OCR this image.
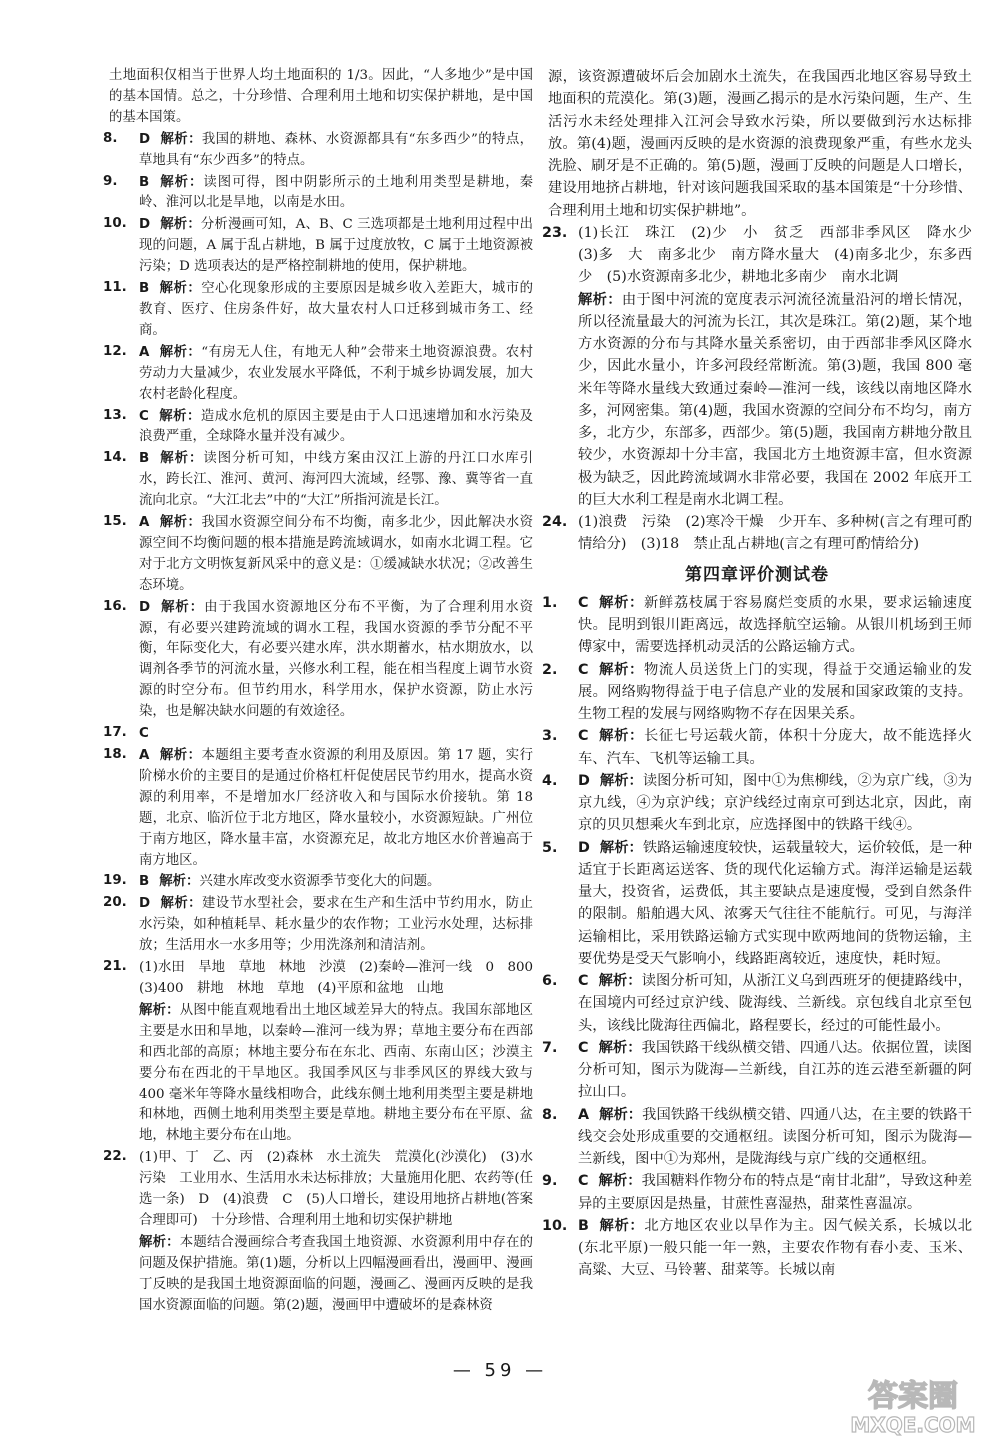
土地面积仅相当于世界人均土地面积的 1/3。因此，“人多地少”是中国的基本国情。总之，十分珍惜、合理利用土地和切实保护耕地，是中国的基本国策。

8. D 解析：我国的耕地、森林、水资源都具有“东多西少”的特点，草地具有“东少西多”的特点。

9. B 解析：读图可得，图中阴影所示的土地利用类型是耕地，秦岭、淮河以北是旱地，以南是水田。

10. D 解析：分析漫画可知，A、B、C 三选项都是土地利用过程中出现的问题，A 属于乱占耕地，B 属于过度放牧，C 属于土地资源被污染；D 选项表达的是严格控制耕地的使用，保护耕地。

11. B 解析：空心化现象形成的主要原因是城乡收入差距大，城市的教育、医疗、住房条件好，故大量农村人口迁移到城市务工、经商。

12. A 解析：“有房无人住，有地无人种”会带来土地资源浪费。农村劳动力大量减少，农业发展水平降低，不利于城乡协调发展，加大农村老龄化程度。

13. C 解析：造成水危机的原因主要是由于人口迅速增加和水污染及浪费严重，全球降水量并没有减少。

14. B 解析：读图分析可知，中线方案由汉江上游的丹江口水库引水，跨长江、淮河、黄河、海河四大流域，经鄂、豫、冀等省一直流向北京。“大江北去”中的“大江”所指河流是长江。

15. A 解析：我国水资源空间分布不均衡，南多北少，因此解决水资源空间不均衡问题的根本措施是跨流域调水，如南水北调工程。它对于北方文明恢复新风采中的意义是：①缓减缺水状况；②改善生态环境。

16. D 解析：由于我国水资源地区分布不平衡，为了合理利用水资源，有必要兴建跨流域的调水工程，我国水资源的季节分配不平衡，年际变化大，有必要兴建水库，洪水期蓄水，枯水期放水，以调剂各季节的河流水量，兴修水利工程，能在相当程度上调节水资源的时空分布。但节约用水，科学用水，保护水资源，防止水污染，也是解决缺水问题的有效途径。

17. C

18. A 解析：本题组主要考查水资源的利用及原因。第 17 题，实行阶梯水价的主要目的是通过价格杠杆促使居民节约用水，提高水资源的利用率，不是增加水厂经济收入和与国际水价接轨。第 18 题，北京、临沂位于北方地区，降水量较小，水资源短缺。广州位于南方地区，降水量丰富，水资源充足，故北方地区水价普遍高于南方地区。

19. B 解析：兴建水库改变水资源季节变化大的问题。

20. D 解析：建设节水型社会，要求在生产和生活中节约用水，防止水污染，如种植耗旱、耗水量少的农作物；工业污水处理，达标排放；生活用水一水多用等；少用洗涤剂和清洁剂。

21. (1)水田　旱地　草地　林地　沙漠　(2)秦岭—淮河一线　0　800　(3)400　耕地　林地　草地　(4)平原和盆地　山地

解析：从图中能直观地看出土地区域差异大的特点。我国东部地区主要是水田和旱地，以秦岭—淮河一线为界；草地主要分布在西部和西北部的高原；林地主要分布在东北、西南、东南山区；沙漠主要分布在西北的干旱地区。我国季风区与非季风区的界线大致与 400 毫米年等降水量线相吻合，此线东侧土地利用类型主要是耕地和林地，西侧土地利用类型主要是草地。耕地主要分布在平原、盆地，林地主要分布在山地。

22. (1)甲、丁　乙、丙　(2)森林　水土流失　荒漠化(沙漠化)　(3)水污染　工业用水、生活用水未达标排放；大量施用化肥、农药等(任选一条)　D　(4)浪费　C　(5)人口增长，建设用地挤占耕地(答案合理即可)　十分珍惜、合理利用土地和切实保护耕地

解析：本题结合漫画综合考查我国土地资源、水资源利用中存在的问题及保护措施。第(1)题，分析以上四幅漫画看出，漫画甲、漫画丁反映的是我国土地资源面临的问题，漫画乙、漫画丙反映的是我国水资源面临的问题。第(2)题，漫画甲中遭破坏的是森林资

源，该资源遭破坏后会加剧水土流失，在我国西北地区容易导致土地面积的荒漠化。第(3)题，漫画乙揭示的是水污染问题，生产、生活污水未经处理排入江河会导致水污染，所以要做到污水达标排放。第(4)题，漫画丙反映的是水资源的浪费现象严重，有些水龙头洗脸、刷牙是不正确的。第(5)题，漫画丁反映的问题是人口增长，建设用地挤占耕地，针对该问题我国采取的基本国策是“十分珍惜、合理利用土地和切实保护耕地”。

23. (1)长江　珠江　(2)少　小　贫乏　西部非季风区　降水少　(3)多　大　南多北少　南方降水量大　(4)南多北少，东多西少　(5)水资源南多北少，耕地北多南少　南水北调

解析：由于图中河流的宽度表示河流径流量沿河的增长情况，所以径流量最大的河流为长江，其次是珠江。第(2)题，某个地方水资源的分布与其降水量关系密切，由于西部非季风区降水少，因此水量小，许多河段经常断流。第(3)题，我国 800 毫米年等降水量线大致通过秦岭—淮河一线，该线以南地区降水多，河网密集。第(4)题，我国水资源的空间分布不均匀，南方多，北方少，东部多，西部少。第(5)题，我国南方耕地分散且较少，水资源却十分丰富，我国北方土地资源丰富，但水资源极为缺乏，因此跨流域调水非常必要，我国在 2002 年底开工的巨大水利工程是南水北调工程。

24. (1)浪费　污染　(2)寒冷干燥　少开车、多种树(言之有理可酌情给分)　(3)18　禁止乱占耕地(言之有理可酌情给分)

第四章评价测试卷

1. C 解析：新鲜荔枝属于容易腐烂变质的水果，要求运输速度快。昆明到银川距离远，故选择航空运输。从银川机场到王师傅家中，需要选择机动灵活的公路运输方式。

2. C 解析：物流人员送货上门的实现，得益于交通运输业的发展。网络购物得益于电子信息产业的发展和国家政策的支持。生物工程的发展与网络购物不存在因果关系。

3. C 解析：长征七号运载火箭，体积十分庞大，故不能选择火车、汽车、飞机等运输工具。

4. D 解析：读图分析可知，图中①为焦柳线，②为京广线，③为京九线，④为京沪线；京沪线经过南京可到达北京，因此，南京的贝贝想乘火车到北京，应选择图中的铁路干线④。

5. D 解析：铁路运输速度较快，运载量较大，运价较低，是一种适宜于长距离运送客、货的现代化运输方式。海洋运输是运载量大，投资省，运费低，其主要缺点是速度慢，受到自然条件的限制。船舶遇大风、浓雾天气往往不能航行。可见，与海洋运输相比，采用铁路运输方式实现中欧两地间的货物运输，主要优势是受天气影响小，线路距离较近，速度快，耗时短。

6. C 解析：读图分析可知，从浙江义乌到西班牙的便捷路线中，在国境内可经过京沪线、陇海线、兰新线。京包线自北京至包头，该线比陇海往西偏北，路程要长，经过的可能性最小。

7. C 解析：我国铁路干线纵横交错、四通八达。依据位置，读图分析可知，图示为陇海—兰新线，自江苏的连云港至新疆的阿拉山口。

8. A 解析：我国铁路干线纵横交错、四通八达，在主要的铁路干线交会处形成重要的交通枢纽。读图分析可知，图示为陇海—兰新线，图中①为郑州，是陇海线与京广线的交通枢纽。

9. C 解析：我国糖料作物分布的特点是“南甘北甜”，导致这种差异的主要原因是热量，甘蔗性喜湿热，甜菜性喜温凉。

10. B 解析：北方地区农业以旱作为主。因气候关系，长城以北(东北平原)一般只能一年一熟，主要农作物有春小麦、玉米、高粱、大豆、马铃薯、甜菜等。长城以南

— 59 —
答案圈
MXQE.COM
